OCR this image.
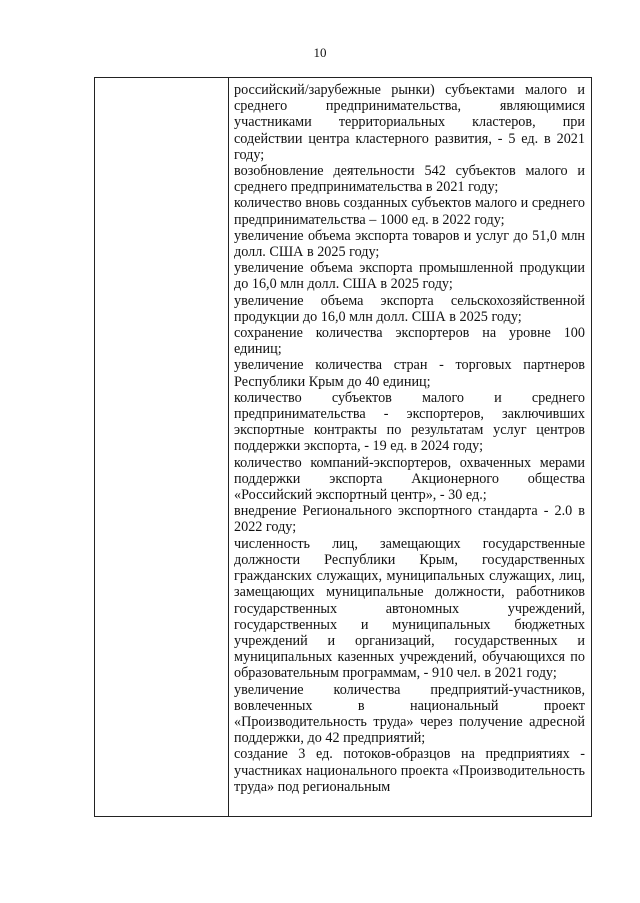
10
российский/зарубежные рынки) субъектами малого и среднего предпринимательства, являющимися участниками территориальных кластеров, при содействии центра кластерного развития, - 5 ед. в 2021 году;
возобновление деятельности 542 субъектов малого и среднего предпринимательства в 2021 году;
количество вновь созданных субъектов малого и среднего предпринимательства – 1000 ед. в 2022 году;
увеличение объема экспорта товаров и услуг до 51,0 млн долл. США в 2025 году;
увеличение объема экспорта промышленной продукции до 16,0 млн долл. США в 2025 году;
увеличение объема экспорта сельскохозяйственной продукции до 16,0 млн долл. США в 2025 году;
сохранение количества экспортеров на уровне 100 единиц;
увеличение количества стран - торговых партнеров Республики Крым до 40 единиц;
количество субъектов малого и среднего предпринимательства - экспортеров, заключивших экспортные контракты по результатам услуг центров поддержки экспорта, - 19 ед. в 2024 году;
количество компаний-экспортеров, охваченных мерами поддержки экспорта Акционерного общества «Российский экспортный центр», - 30 ед.;
внедрение Регионального экспортного стандарта - 2.0 в 2022 году;
численность лиц, замещающих государственные должности Республики Крым, государственных гражданских служащих, муниципальных служащих, лиц, замещающих муниципальные должности, работников государственных автономных учреждений, государственных и муниципальных бюджетных учреждений и организаций, государственных и муниципальных казенных учреждений, обучающихся по образовательным программам, - 910 чел. в 2021 году;
увеличение количества предприятий-участников, вовлеченных в национальный проект «Производительность труда» через получение адресной поддержки, до 42 предприятий;
создание 3 ед. потоков-образцов на предприятиях - участниках национального проекта «Производительность труда» под региональным
